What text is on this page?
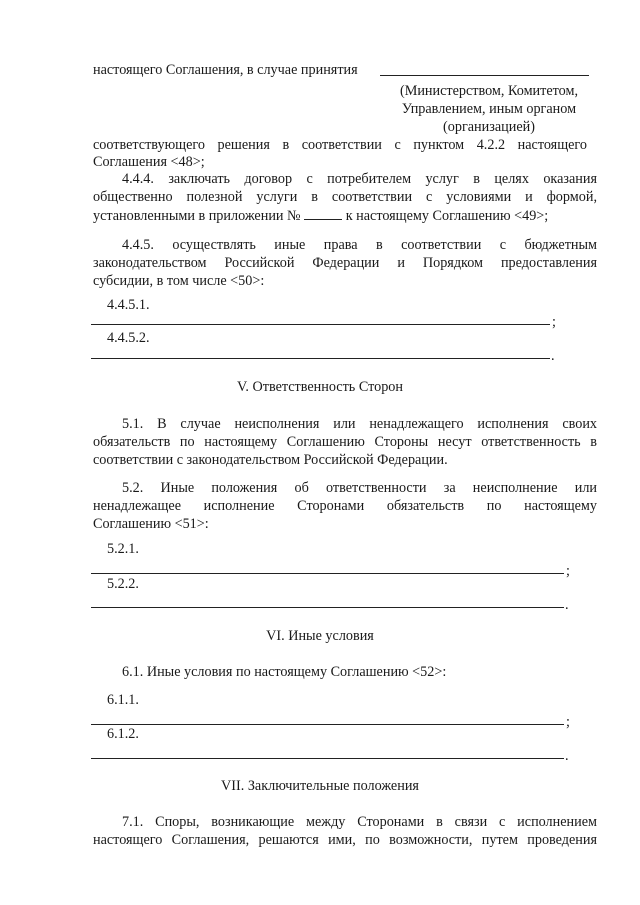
настоящего Соглашения, в случае принятия
(Министерством, Комитетом,
Управлением, иным органом
(организацией)
соответствующего решения в соответствии с пунктом 4.2.2 настоящего
Соглашения <48>;
4.4.4. заключать договор с потребителем услуг в целях оказания
общественно полезной услуги в соответствии с условиями и формой,
установленными в приложении №	к настоящему Соглашению <49>;
4.4.5. осуществлять иные права в соответствии с бюджетным
законодательством Российской Федерации и Порядком предоставления
субсидии, в том числе <50>:
4.4.5.1.
;
4.4.5.2.
.
V. Ответственность Сторон
5.1. В случае неисполнения или ненадлежащего исполнения своих
обязательств по настоящему Соглашению Стороны несут ответственность в
соответствии с законодательством Российской Федерации.
5.2. Иные положения об ответственности за неисполнение или
ненадлежащее исполнение Сторонами обязательств по настоящему
Соглашению <51>:
5.2.1.
;
5.2.2.
.
VI. Иные условия
6.1. Иные условия по настоящему Соглашению <52>:
6.1.1.
;
6.1.2.
.
VII. Заключительные положения
7.1. Споры, возникающие между Сторонами в связи с исполнением
настоящего Соглашения, решаются ими, по возможности, путем проведения
